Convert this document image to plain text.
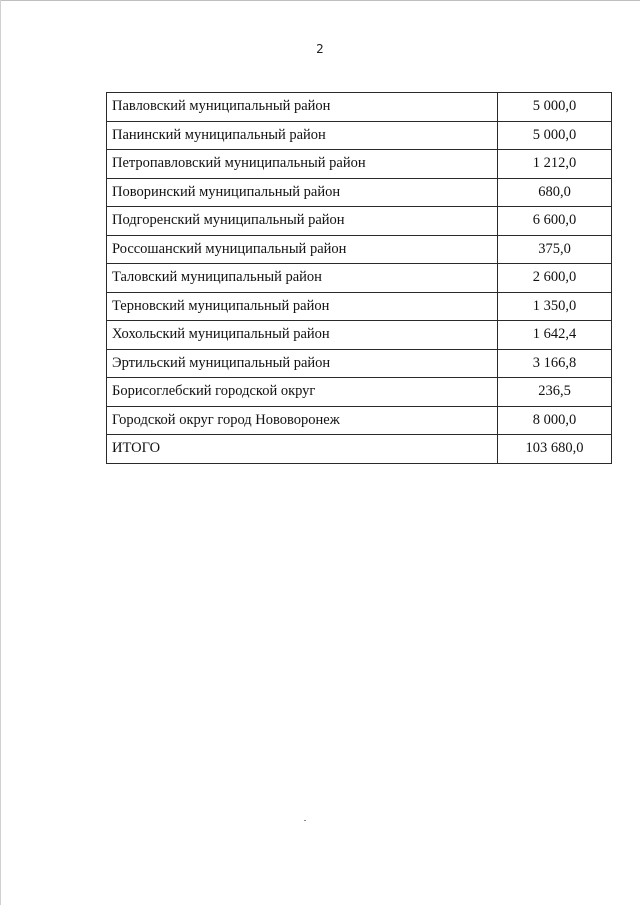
2
Павловский муниципальный район	5 000,0
Панинский муниципальный район	5 000,0
Петропавловский муниципальный район	1 212,0
Поворинский муниципальный район	680,0
Подгоренский муниципальный район	6 600,0
Россошанский муниципальный район	375,0
Таловский муниципальный район	2 600,0
Терновский муниципальный район	1 350,0
Хохольский муниципальный район	1 642,4
Эртильский муниципальный район	3 166,8
Борисоглебский городской округ	236,5
Городской округ город Нововоронеж	8 000,0
ИТОГО	103 680,0
